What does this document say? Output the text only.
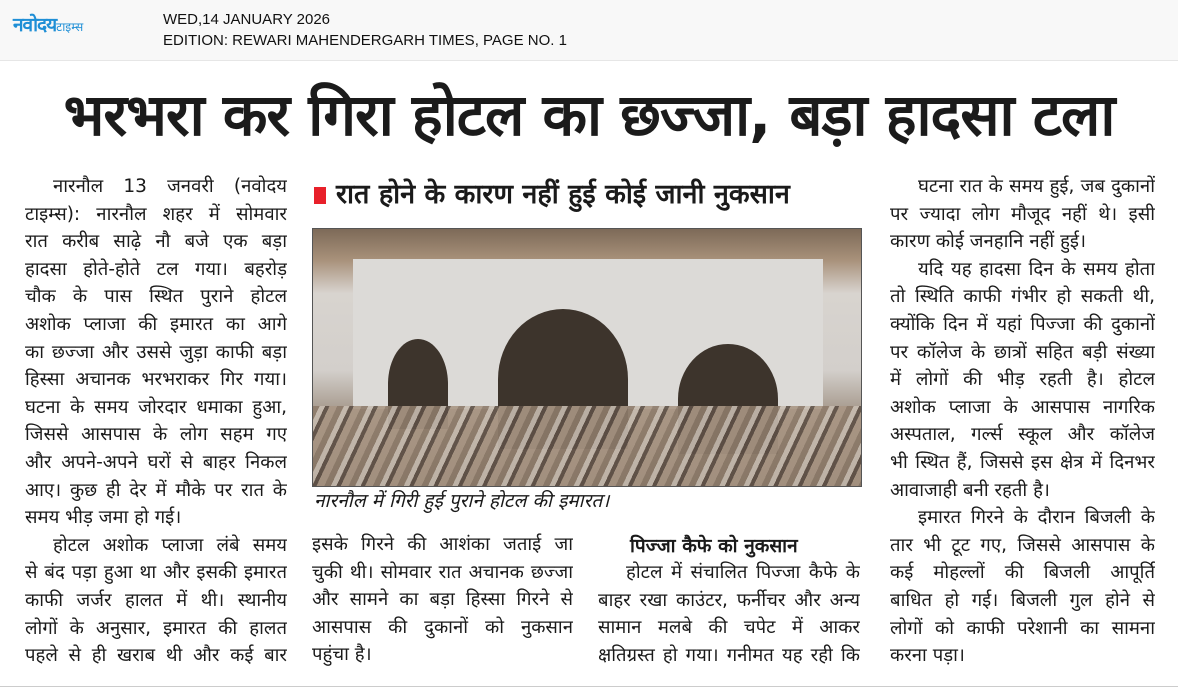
नवोदयटाइम्स	WED,14 JANUARY 2026
EDITION: REWARI MAHENDERGARH TIMES, PAGE NO. 1
भरभरा कर गिरा होटल का छज्जा, बड़ा हादसा टला
नारनौल 13 जनवरी (नवोदय
टाइम्स): नारनौल शहर में सोमवार
रात करीब साढ़े नौ बजे एक बड़ा
हादसा होते-होते टल गया। बहरोड़
चौक के पास स्थित पुराने होटल
अशोक प्लाजा की इमारत का आगे
का छज्जा और उससे जुड़ा काफी बड़ा
हिस्सा अचानक भरभराकर गिर गया।
घटना के समय जोरदार धमाका हुआ,
जिससे आसपास के लोग सहम गए
और अपने-अपने घरों से बाहर निकल
आए। कुछ ही देर में मौके पर रात के
समय भीड़ जमा हो गई।
होटल अशोक प्लाजा लंबे समय
से बंद पड़ा हुआ था और इसकी इमारत
काफी जर्जर हालत में थी। स्थानीय
लोगों के अनुसार, इमारत की हालत
पहले से ही खराब थी और कई बार
रात होने के कारण नहीं हुई कोई जानी नुकसान
नारनौल में गिरी हुई पुराने होटल की इमारत।
इसके गिरने की आशंका जताई जा
चुकी थी। सोमवार रात अचानक छज्जा
और सामने का बड़ा हिस्सा गिरने से
आसपास की दुकानों को नुकसान
पहुंचा है।
पिज्जा कैफे को नुकसान
होटल में संचालित पिज्जा कैफे के
बाहर रखा काउंटर, फर्नीचर और अन्य
सामान मलबे की चपेट में आकर
क्षतिग्रस्त हो गया। गनीमत यह रही कि
घटना रात के समय हुई, जब दुकानों
पर ज्यादा लोग मौजूद नहीं थे। इसी
कारण कोई जनहानि नहीं हुई।
यदि यह हादसा दिन के समय होता
तो स्थिति काफी गंभीर हो सकती थी,
क्योंकि दिन में यहां पिज्जा की दुकानों
पर कॉलेज के छात्रों सहित बड़ी संख्या
में लोगों की भीड़ रहती है। होटल
अशोक प्लाजा के आसपास नागरिक
अस्पताल, गर्ल्स स्कूल और कॉलेज
भी स्थित हैं, जिससे इस क्षेत्र में दिनभर
आवाजाही बनी रहती है।
इमारत गिरने के दौरान बिजली के
तार भी टूट गए, जिससे आसपास के
कई मोहल्लों की बिजली आपूर्ति
बाधित हो गई। बिजली गुल होने से
लोगों को काफी परेशानी का सामना
करना पड़ा।
